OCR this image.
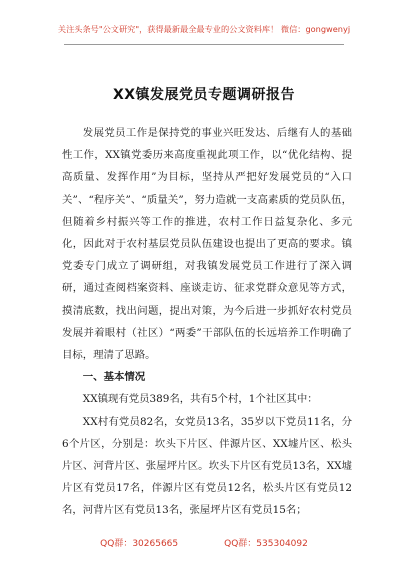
关注头条号"公文研究"，获得最新最全最专业的公文资料库！ 微信：gongwenyj
XX镇发展党员专题调研报告

发展党员工作是保持党的事业兴旺发达、后继有人的基础性工作，XX镇党委历来高度重视此项工作，以“优化结构、提高质量、发挥作用”为目标，坚持从严把好发展党员的“入口关”、“程序关”、“质量关”，努力造就一支高素质的党员队伍，但随着乡村振兴等工作的推进，农村工作日益复杂化、多元化，因此对于农村基层党员队伍建设也提出了更高的要求。镇党委专门成立了调研组，对我镇发展党员工作进行了深入调研，通过查阅档案资料、座谈走访、征求党群众意见等方式，摸清底数，找出问题，提出对策，为今后进一步抓好农村党员发展并着眼村（社区）“两委”干部队伍的长远培养工作明确了目标，理清了思路。

一、基本情况

XX镇现有党员389名，共有5个村，1个社区其中：

XX村有党员82名，女党员13名，35岁以下党员11名，分6个片区，分别是：坎头下片区、伴源片区、XX墟片区、松头片区、河背片区、张屋坪片区。坎头下片区有党员13名，XX墟片区有党员17名，伴源片区有党员12名，松头片区有党员12名，河背片区有党员13名，张屋坪片区有党员15名；

QQ群：30265665	QQ群：535304092
